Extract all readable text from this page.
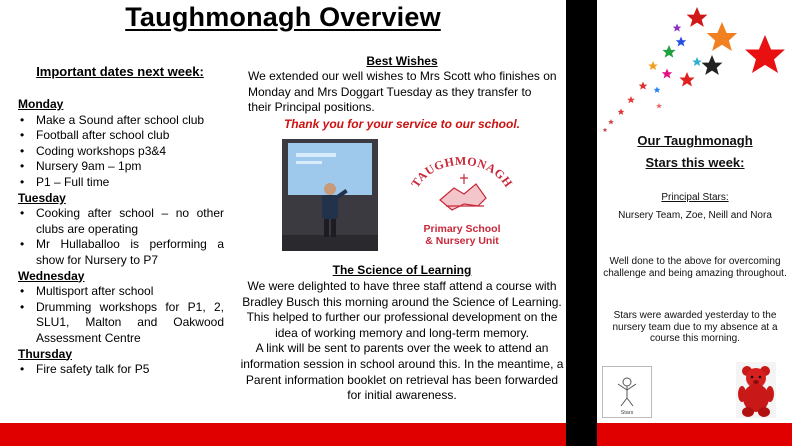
Taughmonagh Overview
Important dates next week:
Monday
• Make a Sound after school club
• Football after school club
• Coding workshops p3&4
• Nursery 9am – 1pm
• P1 – Full time
Tuesday
• Cooking after school – no other clubs are operating
• Mr Hullaballoo is performing a show for Nursery to P7
Wednesday
• Multisport after school
• Drumming workshops for P1, 2, SLU1, Malton and Oakwood Assessment Centre
Thursday
• Fire safety talk for P5
Best Wishes
We extended our well wishes to Mrs Scott who finishes on Monday and Mrs Doggart Tuesday as they transfer to their Principal positions.
Thank you for your service to our school.
TAUGHMONAGH
Primary School
& Nursery Unit
The Science of Learning

We were delighted to have three staff attend a course with Bradley Busch this morning around the Science of Learning.

This helped to further our professional development on the idea of working memory and long-term memory.

A link will be sent to parents over the week to attend an information session in school around this. In the meantime, a Parent information booklet on retrieval has been forwarded for initial awareness.

Our Taughmonagh
Stars this week:
Principal Stars:
Nursery Team, Zoe, Neill and Nora
Well done to the above for overcoming challenge and being amazing throughout.
Stars were awarded yesterday to the nursery team due to my absence at a course this morning.
Stars
